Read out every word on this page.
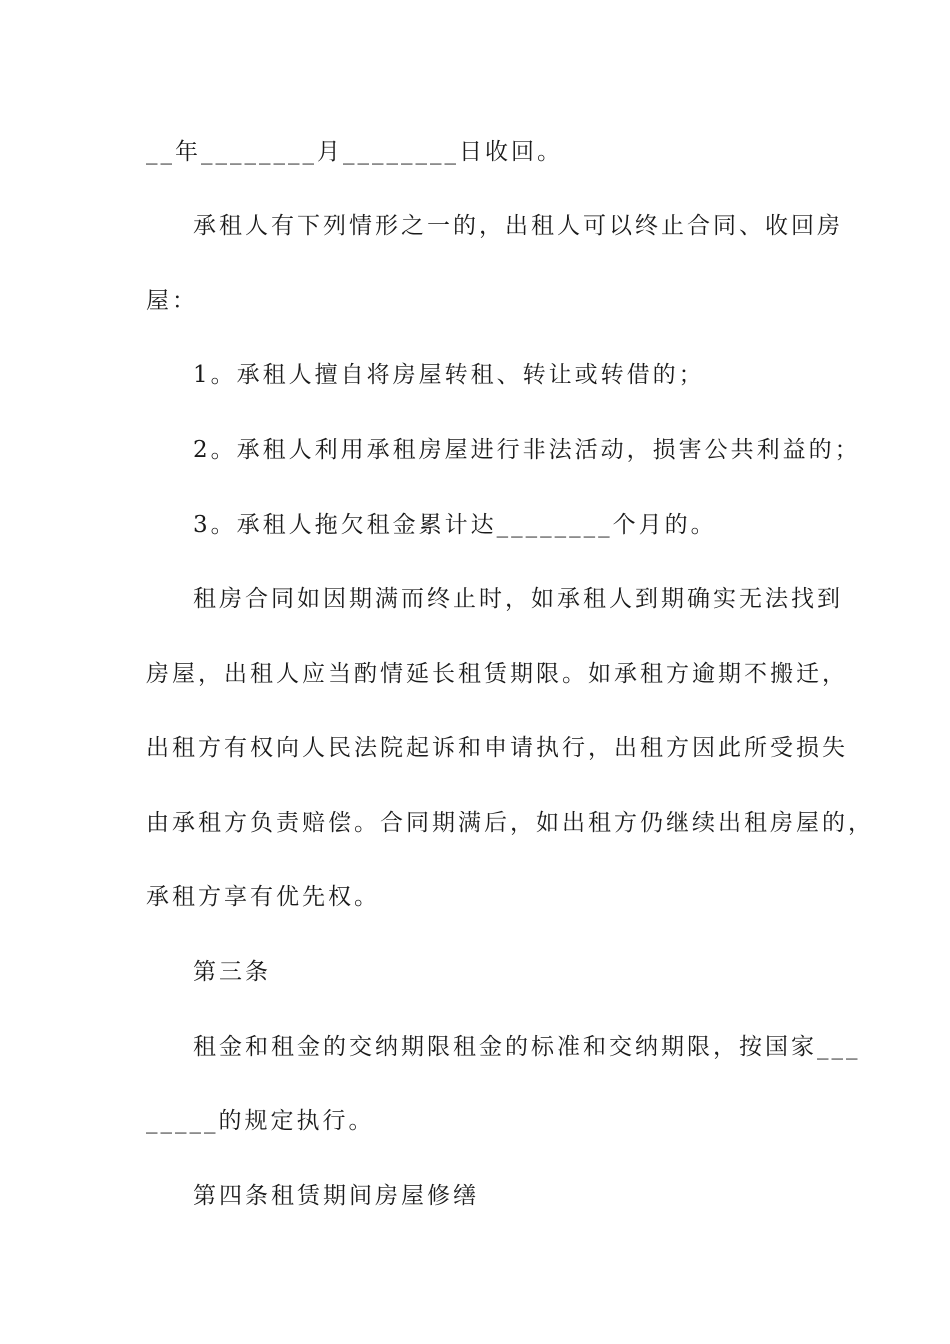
__年________月________日收回。

承租人有下列情形之一的，出租人可以终止合同、收回房

屋：

1。承租人擅自将房屋转租、转让或转借的；

2。承租人利用承租房屋进行非法活动，损害公共利益的；

3。承租人拖欠租金累计达________个月的。

租房合同如因期满而终止时，如承租人到期确实无法找到

房屋，出租人应当酌情延长租赁期限。如承租方逾期不搬迁，

出租方有权向人民法院起诉和申请执行，出租方因此所受损失

由承租方负责赔偿。合同期满后，如出租方仍继续出租房屋的，

承租方享有优先权。

第三条

租金和租金的交纳期限租金的标准和交纳期限，按国家___

_____的规定执行。

第四条租赁期间房屋修缮
